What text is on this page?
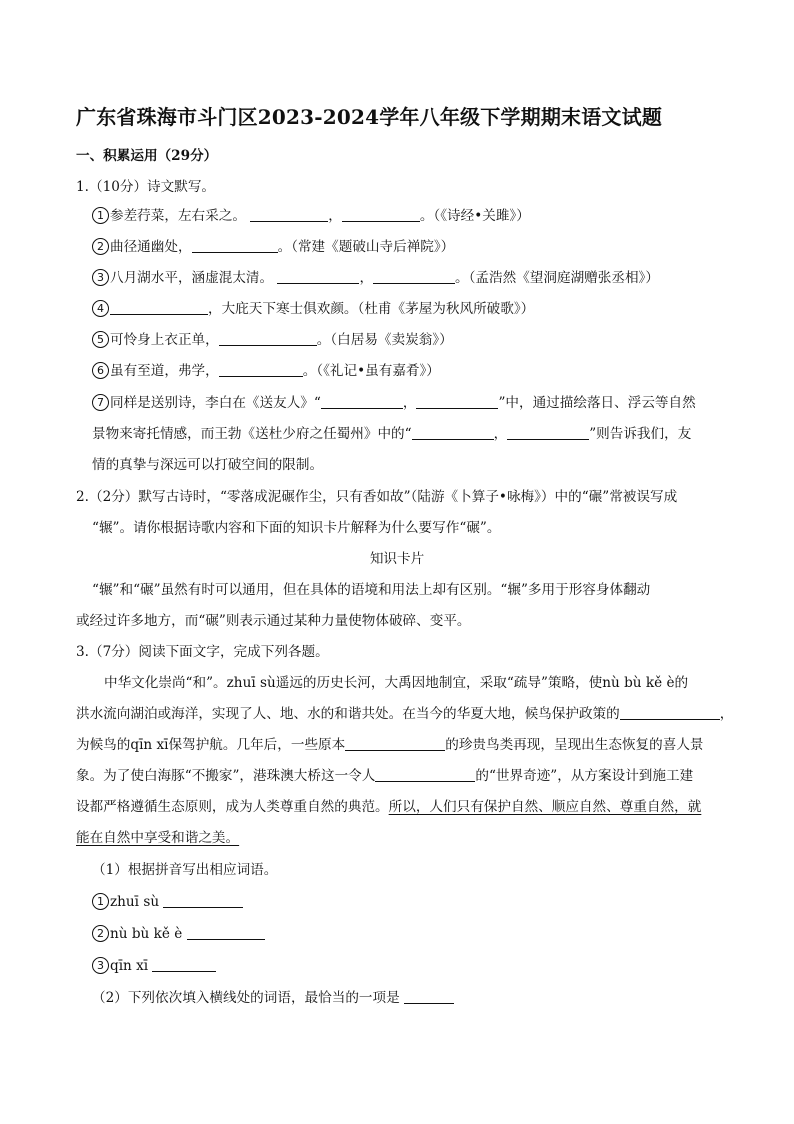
广东省珠海市斗门区2023-2024学年八年级下学期期末语文试题
一、积累运用（29分）
1.（10分）诗文默写。
1 参差荇菜，左右采之。	，	。（《诗经•关雎》）
2 曲径通幽处，	。（常建《题破山寺后禅院》）
3 八月湖水平，涵虚混太清。	，	。（孟浩然《望洞庭湖赠张丞相》）
4	，大庇天下寒士俱欢颜。（杜甫《茅屋为秋风所破歌》）
5 可怜身上衣正单，	。（白居易《卖炭翁》）
6 虽有至道，弗学，	。（《礼记•虽有嘉肴》）
7 同样是送别诗，李白在《送友人》“	，	”中，通过描绘落日、浮云等自然
景物来寄托情感，而王勃《送杜少府之任蜀州》中的“	，	”则告诉我们，友
情的真挚与深远可以打破空间的限制。
2.（2分）默写古诗时，“零落成泥碾作尘，只有香如故”（陆游《卜算子•咏梅》）中的“碾”常被误写成
“辗”。请你根据诗歌内容和下面的知识卡片解释为什么要写作“碾”。
知识卡片
“辗”和“碾”虽然有时可以通用，但在具体的语境和用法上却有区别。“辗”多用于形容身体翻动
或经过许多地方，而“碾”则表示通过某种力量使物体破碎、变平。
3.（7分）阅读下面文字，完成下列各题。
中华文化崇尚“和”。zhuī sù遥远的历史长河，大禹因地制宜，采取“疏导”策略，使nù bù kě è的
洪水流向湖泊或海洋，实现了人、地、水的和谐共处。在当今的华夏大地，候鸟保护政策的	，
为候鸟的qīn xī保驾护航。几年后，一些原本	的珍贵鸟类再现，呈现出生态恢复的喜人景
象。为了使白海豚“不搬家”，港珠澳大桥这一令人	的“世界奇迹”，从方案设计到施工建
设都严格遵循生态原则，成为人类尊重自然的典范。所以，人们只有保护自然、顺应自然、尊重自然，就
能在自然中享受和谐之美。
（1）根据拼音写出相应词语。
1 zhuī sù
2 nù bù kě è
3 qīn xī
（2）下列依次填入横线处的词语，最恰当的一项是
